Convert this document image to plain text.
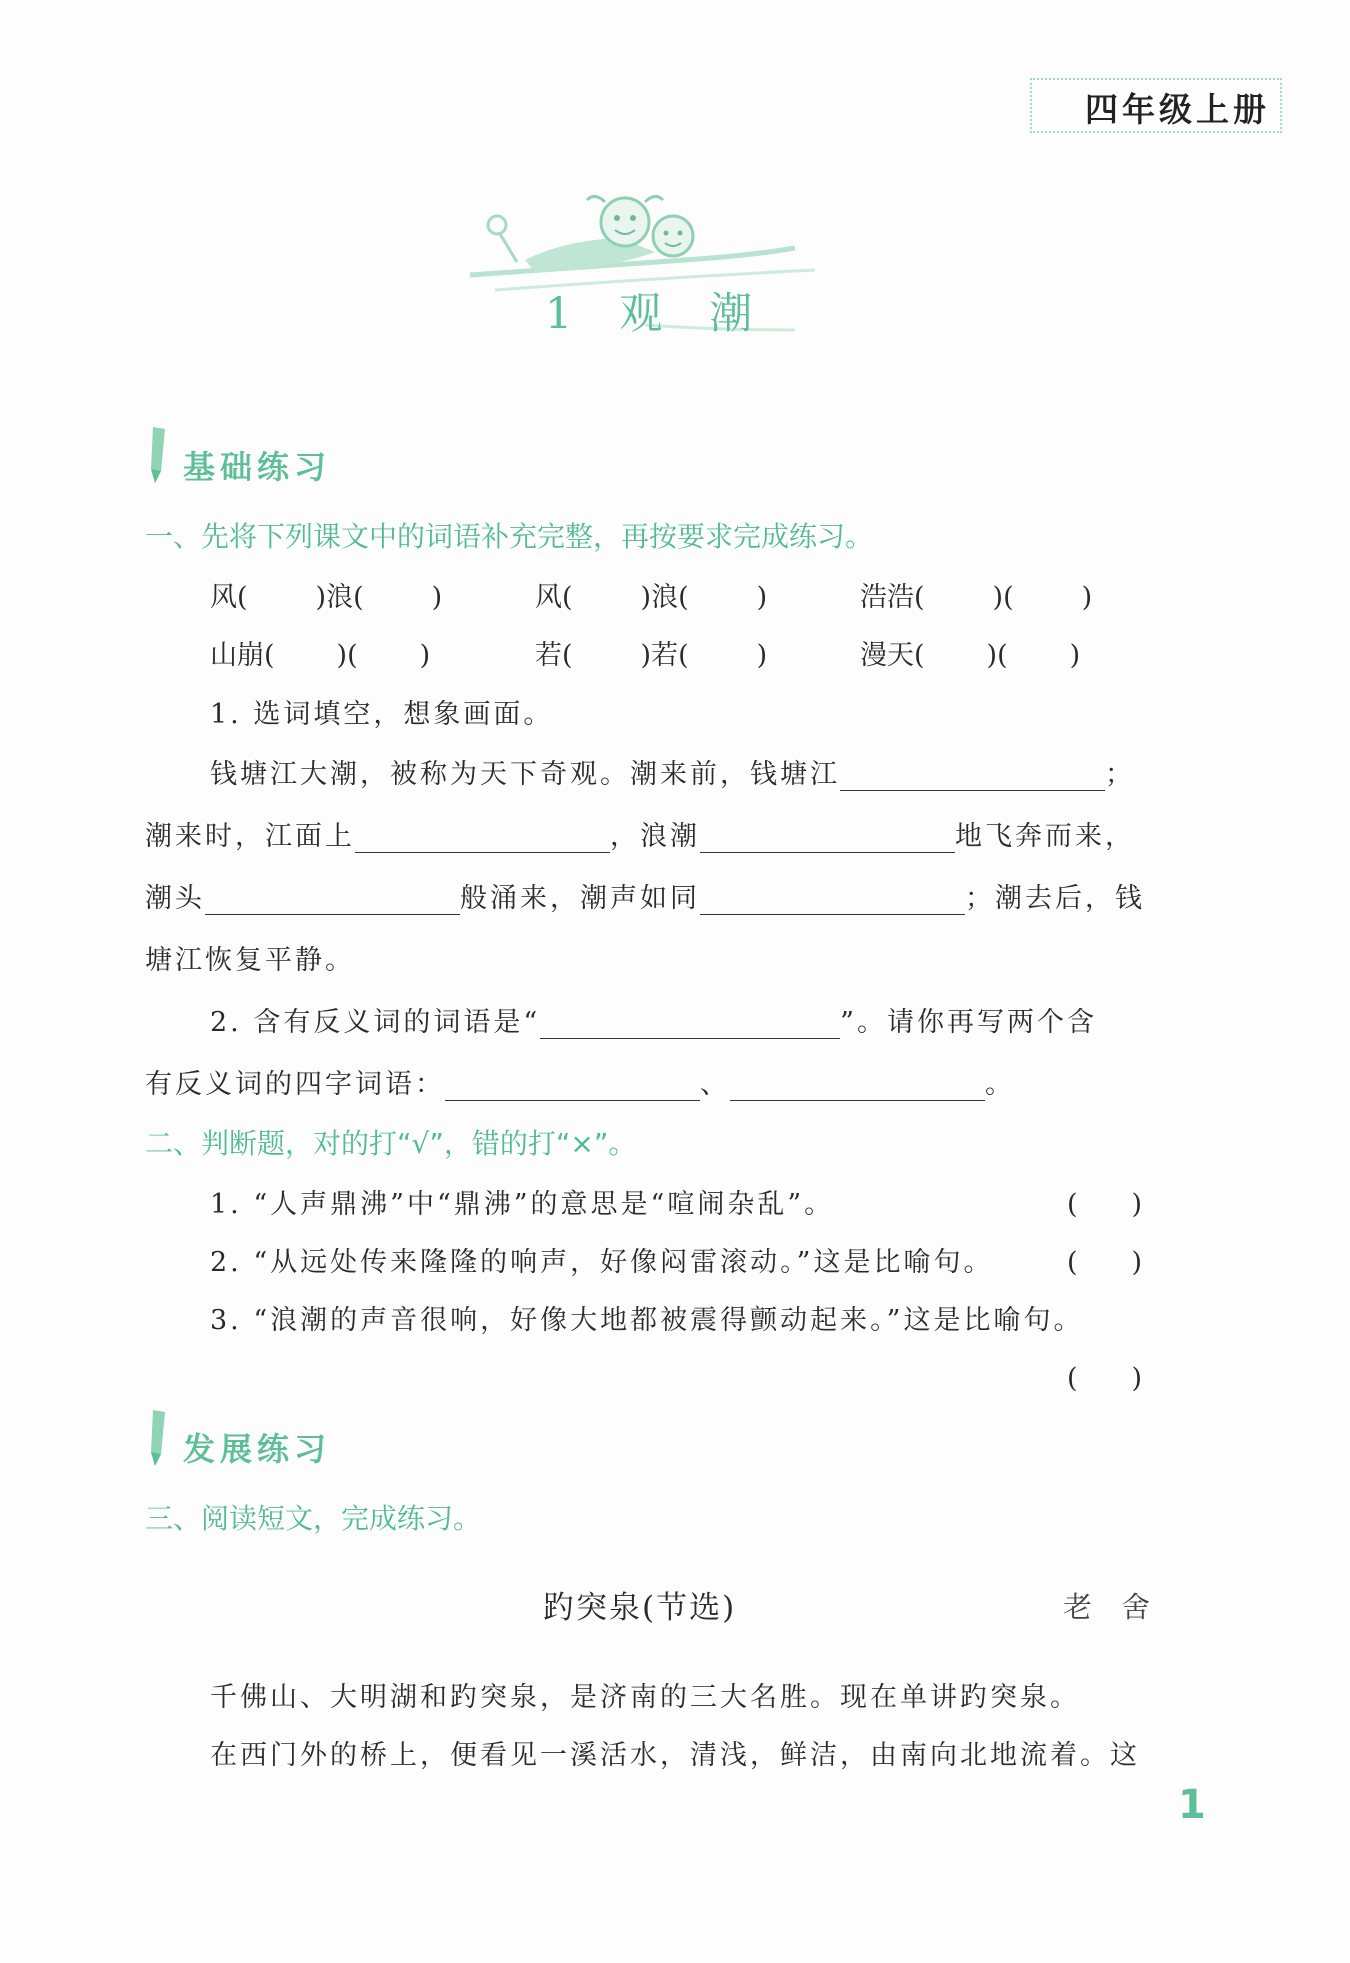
四年级上册
1　观　潮
基础练习
一、先将下列课文中的词语补充完整，再按要求完成练习。
风(	)浪(	)	风(	)浪(	)	浩浩(	)(	)
山崩( )( )	若(	)若(	)	漫天( )( )
1. 选词填空，想象画面。
钱塘江大潮，被称为天下奇观。潮来前，钱塘江	；
潮来时，江面上	，浪潮	地飞奔而来，
潮头	般涌来，潮声如同	；潮去后，钱
塘江恢复平静。
2. 含有反义词的词语是“	”。请你再写两个含
有反义词的四字词语：	、	。
二、判断题，对的打“√”，错的打“×”。
1. “人声鼎沸”中“鼎沸”的意思是“喧闹杂乱”。	(　　)
2. “从远处传来隆隆的响声，好像闷雷滚动。”这是比喻句。	(　　)
3. “浪潮的声音很响，好像大地都被震得颤动起来。”这是比喻句。
(　　)
发展练习
三、阅读短文，完成练习。
趵突泉(节选)	老　舍
千佛山、大明湖和趵突泉，是济南的三大名胜。现在单讲趵突泉。
在西门外的桥上，便看见一溪活水，清浅，鲜洁，由南向北地流着。这
1
